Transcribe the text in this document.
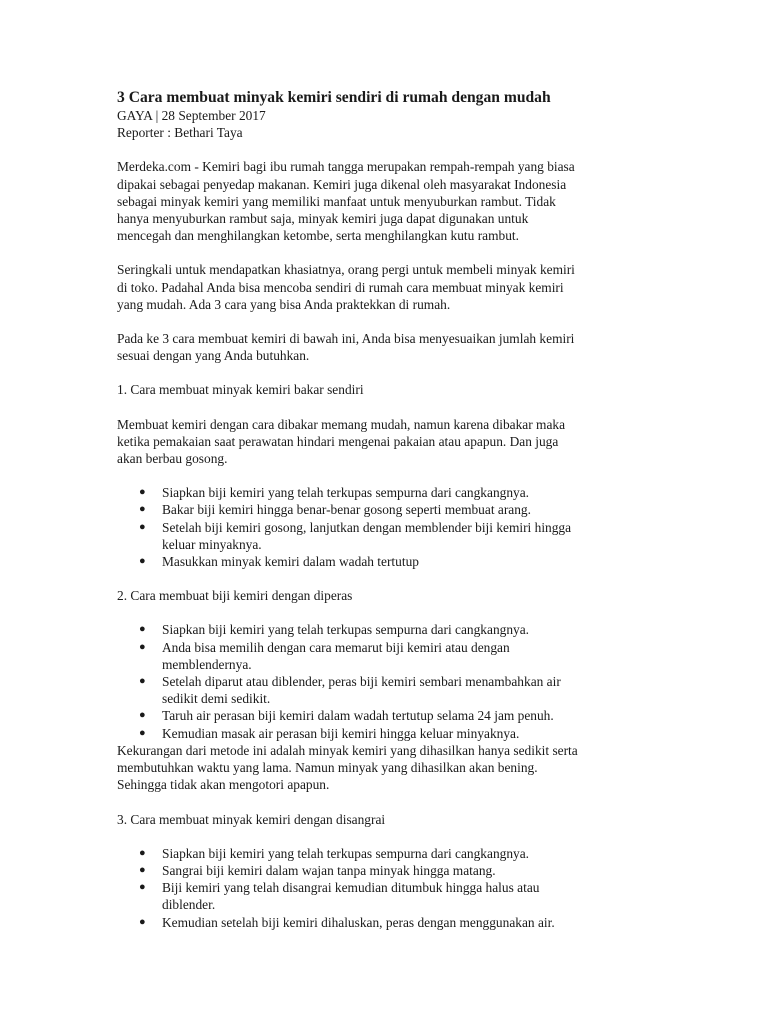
3 Cara membuat minyak kemiri sendiri di rumah dengan mudah

GAYA | 28 September 2017

Reporter : Bethari Taya

Merdeka.com - Kemiri bagi ibu rumah tangga merupakan rempah-rempah yang biasa
dipakai sebagai penyedap makanan. Kemiri juga dikenal oleh masyarakat Indonesia
sebagai minyak kemiri yang memiliki manfaat untuk menyuburkan rambut. Tidak
hanya menyuburkan rambut saja, minyak kemiri juga dapat digunakan untuk
mencegah dan menghilangkan ketombe, serta menghilangkan kutu rambut.

Seringkali untuk mendapatkan khasiatnya, orang pergi untuk membeli minyak kemiri
di toko. Padahal Anda bisa mencoba sendiri di rumah cara membuat minyak kemiri
yang mudah. Ada 3 cara yang bisa Anda praktekkan di rumah.

Pada ke 3 cara membuat kemiri di bawah ini, Anda bisa menyesuaikan jumlah kemiri
sesuai dengan yang Anda butuhkan.

1. Cara membuat minyak kemiri bakar sendiri

Membuat kemiri dengan cara dibakar memang mudah, namun karena dibakar maka
ketika pemakaian saat perawatan hindari mengenai pakaian atau apapun. Dan juga
akan berbau gosong.

● Siapkan biji kemiri yang telah terkupas sempurna dari cangkangnya.
● Bakar biji kemiri hingga benar-benar gosong seperti membuat arang.
● Setelah biji kemiri gosong, lanjutkan dengan memblender biji kemiri hingga
keluar minyaknya.
● Masukkan minyak kemiri dalam wadah tertutup

2. Cara membuat biji kemiri dengan diperas

● Siapkan biji kemiri yang telah terkupas sempurna dari cangkangnya.
● Anda bisa memilih dengan cara memarut biji kemiri atau dengan
memblendernya.
● Setelah diparut atau diblender, peras biji kemiri sembari menambahkan air
sedikit demi sedikit.
● Taruh air perasan biji kemiri dalam wadah tertutup selama 24 jam penuh.
● Kemudian masak air perasan biji kemiri hingga keluar minyaknya.

Kekurangan dari metode ini adalah minyak kemiri yang dihasilkan hanya sedikit serta
membutuhkan waktu yang lama. Namun minyak yang dihasilkan akan bening.
Sehingga tidak akan mengotori apapun.

3. Cara membuat minyak kemiri dengan disangrai

● Siapkan biji kemiri yang telah terkupas sempurna dari cangkangnya.
● Sangrai biji kemiri dalam wajan tanpa minyak hingga matang.
● Biji kemiri yang telah disangrai kemudian ditumbuk hingga halus atau
diblender.
● Kemudian setelah biji kemiri dihaluskan, peras dengan menggunakan air.
